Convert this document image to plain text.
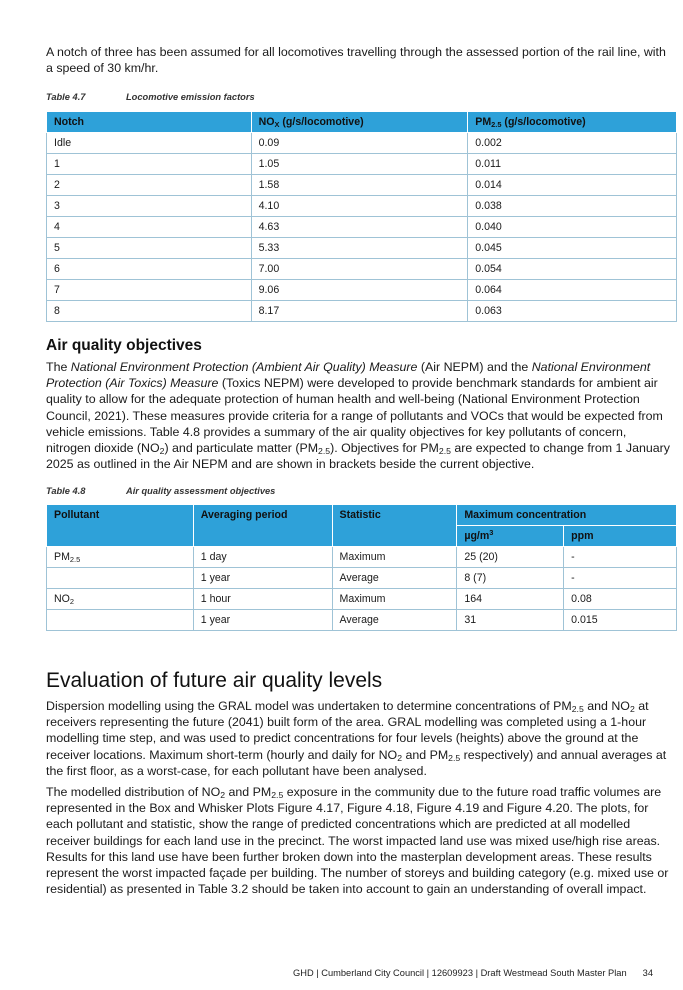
A notch of three has been assumed for all locomotives travelling through the assessed portion of the rail line, with a speed of 30 km/hr.

Table 4.7	Locomotive emission factors
Notch	$NO_X$ (g/s/locomotive)	$PM_{2.5}$ (g/s/locomotive)
Idle	0.09	0.002
1	1.05	0.011
2	1.58	0.014
3	4.10	0.038
4	4.63	0.040
5	5.33	0.045
6	7.00	0.054
7	9.06	0.064
8	8.17	0.063
Air quality objectives

The National Environment Protection (Ambient Air Quality) Measure (Air NEPM) and the National Environment Protection (Air Toxics) Measure (Toxics NEPM) were developed to provide benchmark standards for ambient air quality to allow for the adequate protection of human health and well-being (National Environment Protection Council, 2021). These measures provide criteria for a range of pollutants and VOCs that would be expected from vehicle emissions. Table 4.8 provides a summary of the air quality objectives for key pollutants of concern, nitrogen dioxide $(NO_2)$ and particulate matter $(PM_{2.5})$. Objectives for $PM_{2.5}$ are expected to change from 1 January 2025 as outlined in the Air NEPM and are shown in brackets beside the current objective.

Table 4.8	Air quality assessment objectives
Pollutant	Averaging period	Statistic	Maximum concentration	
			$\mu g/m^3$	ppm
$PM_{2.5}$	1 day	Maximum	25 (20)	-
	1 year	Average	8 (7)	-
$NO_2$	1 hour	Maximum	164	0.08
	1 year	Average	31	0.015
Evaluation of future air quality levels

Dispersion modelling using the GRAL model was undertaken to determine concentrations of $PM_{2.5}$ and $NO_2$ at receivers representing the future (2041) built form of the area. GRAL modelling was completed using a 1-hour modelling time step, and was used to predict concentrations for four levels (heights) above the ground at the receiver locations. Maximum short-term (hourly and daily for $NO_2$ and $PM_{2.5}$ respectively) and annual averages at the first floor, as a worst-case, for each pollutant have been analysed.

The modelled distribution of $NO_2$ and $PM_{2.5}$ exposure in the community due to the future road traffic volumes are represented in the Box and Whisker Plots Figure 4.17, Figure 4.18, Figure 4.19 and Figure 4.20. The plots, for each pollutant and statistic, show the range of predicted concentrations which are predicted at all modelled receiver buildings for each land use in the precinct. The worst impacted land use was mixed use/high rise areas. Results for this land use have been further broken down into the masterplan development areas. These results represent the worst impacted façade per building. The number of storeys and building category (e.g. mixed use or residential) as presented in Table 3.2 should be taken into account to gain an understanding of overall impact.

GHD | Cumberland City Council | 12609923 | Draft Westmead South Master Plan 34
